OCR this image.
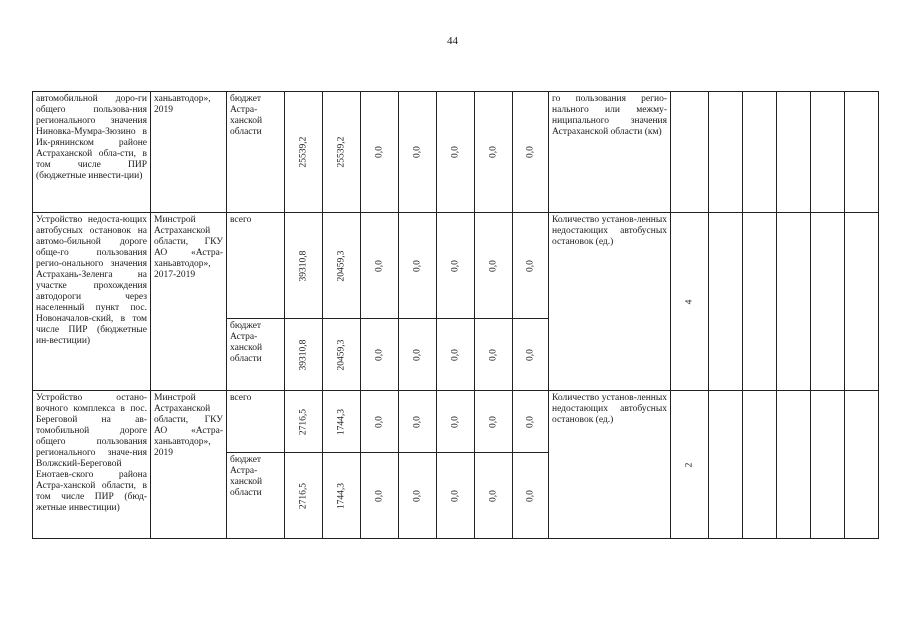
44
автомобильной доро-ги общего пользова-ния регионального значения Ниновка-Мумра-Зюзино в Ик-рянинском районе Астраханской обла-сти, в том числе ПИР (бюджетные инвести-ции)	ханьавтодор», 2019	бюджет Астра-ханской области	25539,2	25539,2	0,0	0,0	0,0	0,0	0,0	го пользования регио-нального или межму-ниципального значения Астраханской области (км)	

Устройство недоста-ющих автобусных остановок на автомо-бильной дороге обще-го пользования регио-онального значения Астрахань-Зеленга на участке прохождения автодороги через населенный пункт пос. Новоначалов-ский, в том числе ПИР (бюджетные ин-вестиции)	Минстрой Астраханской области, ГКУ АО «Астра-ханьавтодор», 2017-2019	всего	39310,8	20459,3	0,0	0,0	0,0	0,0	0,0	Количество установ-ленных недостающих автобусных остановок (ед.)	4					

		бюджет Астра-ханской области	39310,8	20459,3	0,0	0,0	0,0	0,0	0,0							

Устройство остано-вочного комплекса в пос. Береговой на ав-томобильной дороге общего пользования регионального значе-ния Волжский-Береговой Енотаев-ского района Астра-ханской области, в том числе ПИР (бюд-жетные инвестиции)	Минстрой Астраханской области, ГКУ АО «Астра-ханьавтодор», 2019	всего	2716,5	1744,3	0,0	0,0	0,0	0,0	0,0	Количество установ-ленных недостающих автобусных остановок (ед.)	2					

		бюджет Астра-ханской области	2716,5	1744,3	0,0	0,0	0,0	0,0	0,0							
